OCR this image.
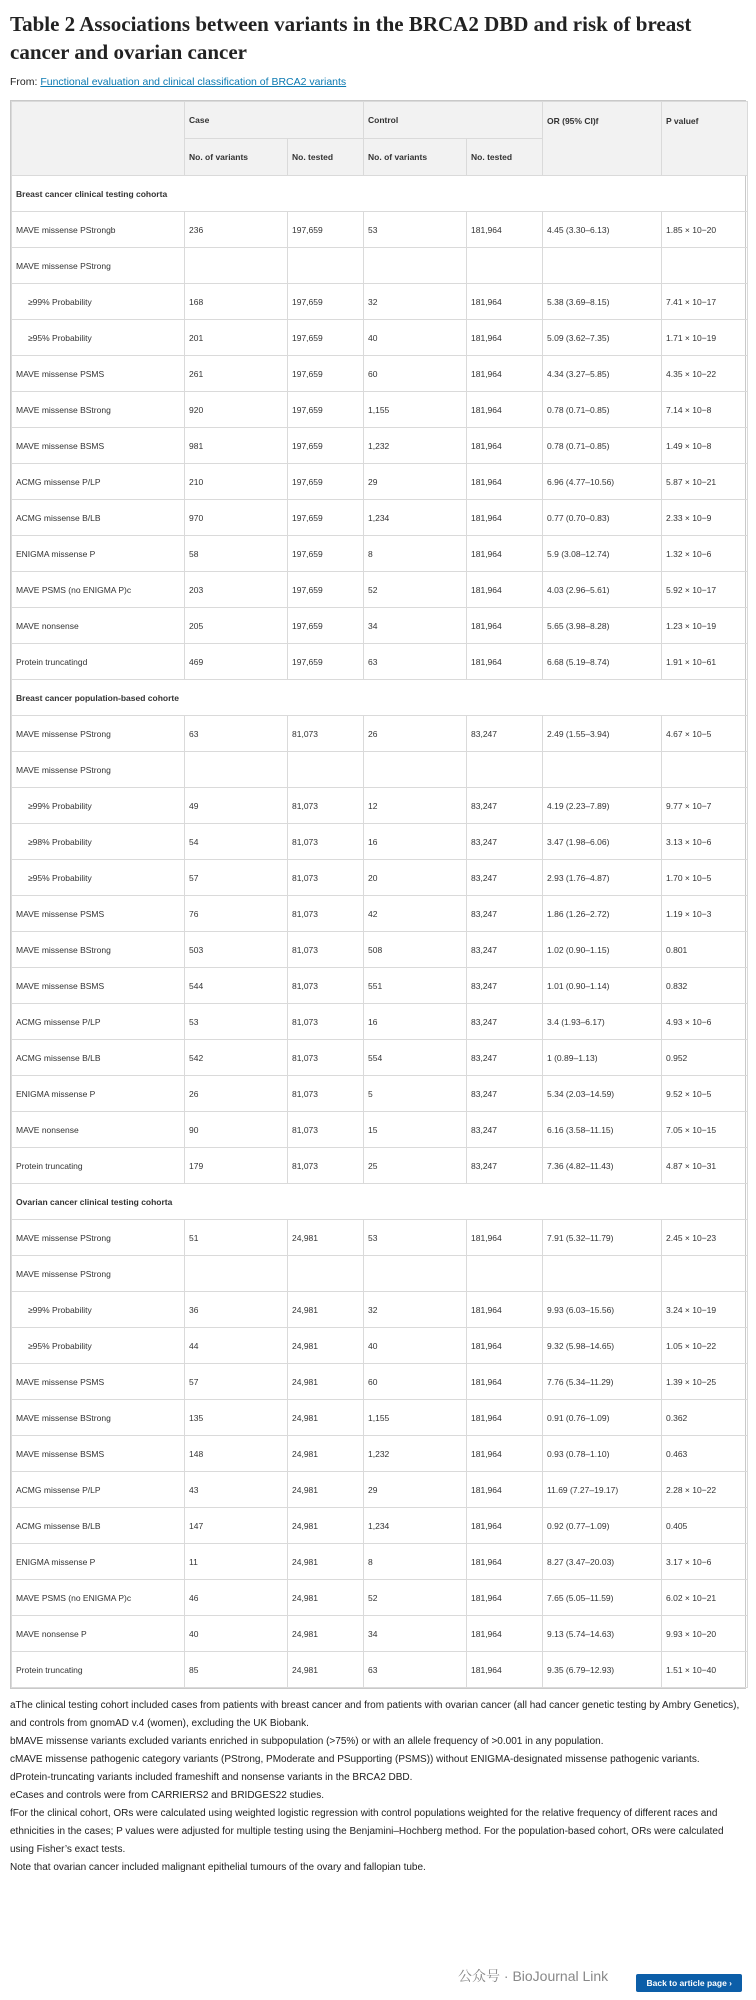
Table 2 Associations between variants in the BRCA2 DBD and risk of breast cancer and ovarian cancer
From: Functional evaluation and clinical classification of BRCA2 variants
	Case		Control		OR (95% CI)f	P valuef
	No. of variants	No. tested	No. of variants	No. tested		
Breast cancer clinical testing cohorta						
MAVE missense PStrongb	236	197,659	53	181,964	4.45 (3.30–6.13)	1.85 × 10−20
MAVE missense PStrong						
≥99% Probability	168	197,659	32	181,964	5.38 (3.69–8.15)	7.41 × 10−17
≥95% Probability	201	197,659	40	181,964	5.09 (3.62–7.35)	1.71 × 10−19
MAVE missense PSMS	261	197,659	60	181,964	4.34 (3.27–5.85)	4.35 × 10−22
MAVE missense BStrong	920	197,659	1,155	181,964	0.78 (0.71–0.85)	7.14 × 10−8
MAVE missense BSMS	981	197,659	1,232	181,964	0.78 (0.71–0.85)	1.49 × 10−8
ACMG missense P/LP	210	197,659	29	181,964	6.96 (4.77–10.56)	5.87 × 10−21
ACMG missense B/LB	970	197,659	1,234	181,964	0.77 (0.70–0.83)	2.33 × 10−9
ENIGMA missense P	58	197,659	8	181,964	5.9 (3.08–12.74)	1.32 × 10−6
MAVE PSMS (no ENIGMA P)c	203	197,659	52	181,964	4.03 (2.96–5.61)	5.92 × 10−17
MAVE nonsense	205	197,659	34	181,964	5.65 (3.98–8.28)	1.23 × 10−19
Protein truncatingd	469	197,659	63	181,964	6.68 (5.19–8.74)	1.91 × 10−61
Breast cancer population-based cohorte						
MAVE missense PStrong	63	81,073	26	83,247	2.49 (1.55–3.94)	4.67 × 10−5
MAVE missense PStrong						
≥99% Probability	49	81,073	12	83,247	4.19 (2.23–7.89)	9.77 × 10−7
≥98% Probability	54	81,073	16	83,247	3.47 (1.98–6.06)	3.13 × 10−6
≥95% Probability	57	81,073	20	83,247	2.93 (1.76–4.87)	1.70 × 10−5
MAVE missense PSMS	76	81,073	42	83,247	1.86 (1.26–2.72)	1.19 × 10−3
MAVE missense BStrong	503	81,073	508	83,247	1.02 (0.90–1.15)	0.801
MAVE missense BSMS	544	81,073	551	83,247	1.01 (0.90–1.14)	0.832
ACMG missense P/LP	53	81,073	16	83,247	3.4 (1.93–6.17)	4.93 × 10−6
ACMG missense B/LB	542	81,073	554	83,247	1 (0.89–1.13)	0.952
ENIGMA missense P	26	81,073	5	83,247	5.34 (2.03–14.59)	9.52 × 10−5
MAVE nonsense	90	81,073	15	83,247	6.16 (3.58–11.15)	7.05 × 10−15
Protein truncating	179	81,073	25	83,247	7.36 (4.82–11.43)	4.87 × 10−31
Ovarian cancer clinical testing cohorta						
MAVE missense PStrong	51	24,981	53	181,964	7.91 (5.32–11.79)	2.45 × 10−23
MAVE missense PStrong						
≥99% Probability	36	24,981	32	181,964	9.93 (6.03–15.56)	3.24 × 10−19
≥95% Probability	44	24,981	40	181,964	9.32 (5.98–14.65)	1.05 × 10−22
MAVE missense PSMS	57	24,981	60	181,964	7.76 (5.34–11.29)	1.39 × 10−25
MAVE missense BStrong	135	24,981	1,155	181,964	0.91 (0.76–1.09)	0.362
MAVE missense BSMS	148	24,981	1,232	181,964	0.93 (0.78–1.10)	0.463
ACMG missense P/LP	43	24,981	29	181,964	11.69 (7.27–19.17)	2.28 × 10−22
ACMG missense B/LB	147	24,981	1,234	181,964	0.92 (0.77–1.09)	0.405
ENIGMA missense P	11	24,981	8	181,964	8.27 (3.47–20.03)	3.17 × 10−6
MAVE PSMS (no ENIGMA P)c	46	24,981	52	181,964	7.65 (5.05–11.59)	6.02 × 10−21
MAVE nonsense P	40	24,981	34	181,964	9.13 (5.74–14.63)	9.93 × 10−20
Protein truncating	85	24,981	63	181,964	9.35 (6.79–12.93)	1.51 × 10−40

aThe clinical testing cohort included cases from patients with breast cancer and from patients with ovarian cancer (all had cancer genetic testing by Ambry Genetics), and controls from gnomAD v.4 (women), excluding the UK Biobank.

bMAVE missense variants excluded variants enriched in subpopulation (>75%) or with an allele frequency of >0.001 in any population.

cMAVE missense pathogenic category variants (PStrong, PModerate and PSupporting (PSMS)) without ENIGMA-designated missense pathogenic variants.

dProtein-truncating variants included frameshift and nonsense variants in the BRCA2 DBD.

eCases and controls were from CARRIERS2 and BRIDGES22 studies.

fFor the clinical cohort, ORs were calculated using weighted logistic regression with control populations weighted for the relative frequency of different races and ethnicities in the cases; P values were adjusted for multiple testing using the Benjamini–Hochberg method. For the population-based cohort, ORs were calculated using Fisher’s exact tests.

Note that ovarian cancer included malignant epithelial tumours of the ovary and fallopian tube.

公众号 · BioJournal Link	Back to article page ›
